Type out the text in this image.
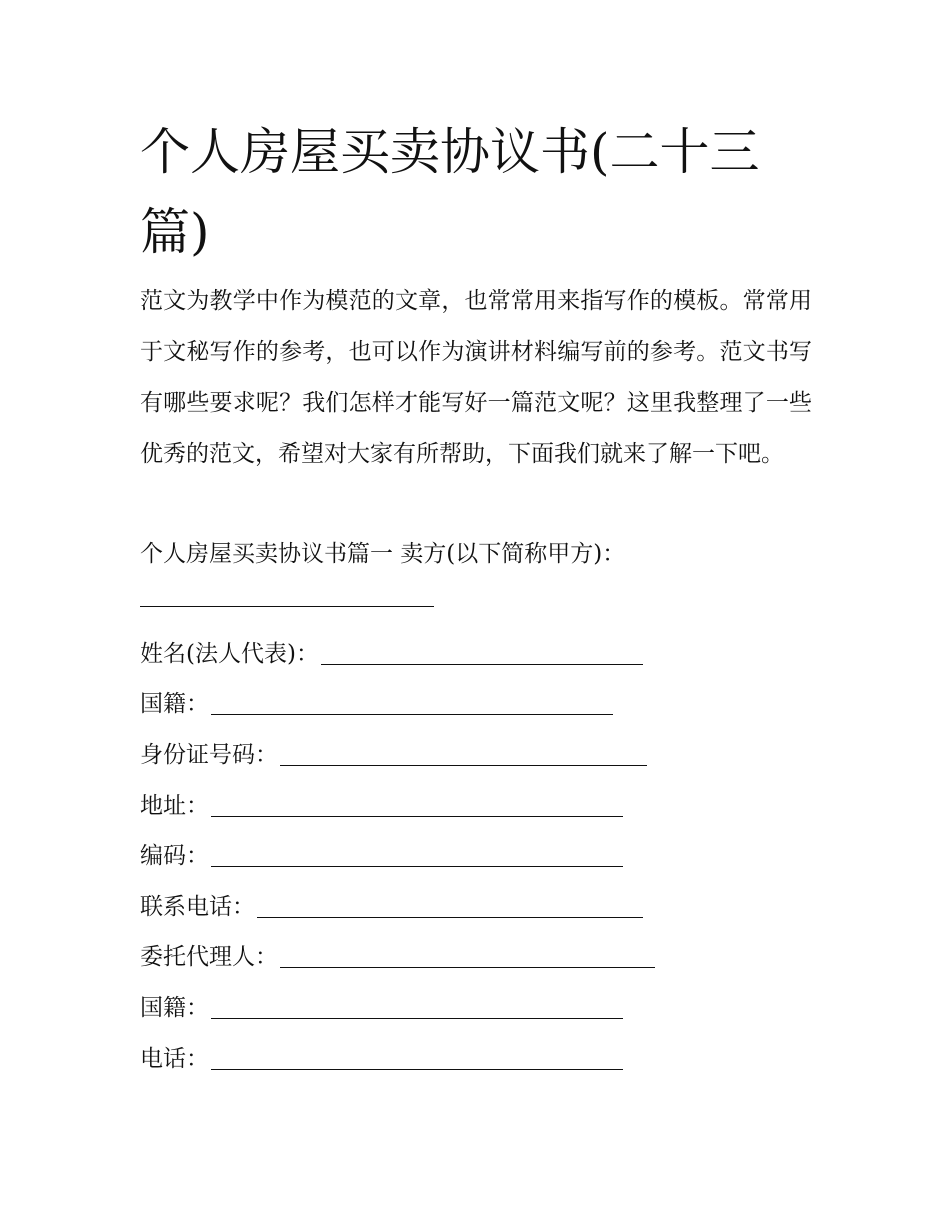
个人房屋买卖协议书(二十三篇)

范文为教学中作为模范的文章，也常常用来指写作的模板。常常用于文秘写作的参考，也可以作为演讲材料编写前的参考。范文书写有哪些要求呢？我们怎样才能写好一篇范文呢？这里我整理了一些优秀的范文，希望对大家有所帮助，下面我们就来了解一下吧。

个人房屋买卖协议书篇一 卖方(以下简称甲方)：

姓名(法人代表)：
国籍：
身份证号码：
地址：
编码：
联系电话：
委托代理人：
国籍：
电话：
